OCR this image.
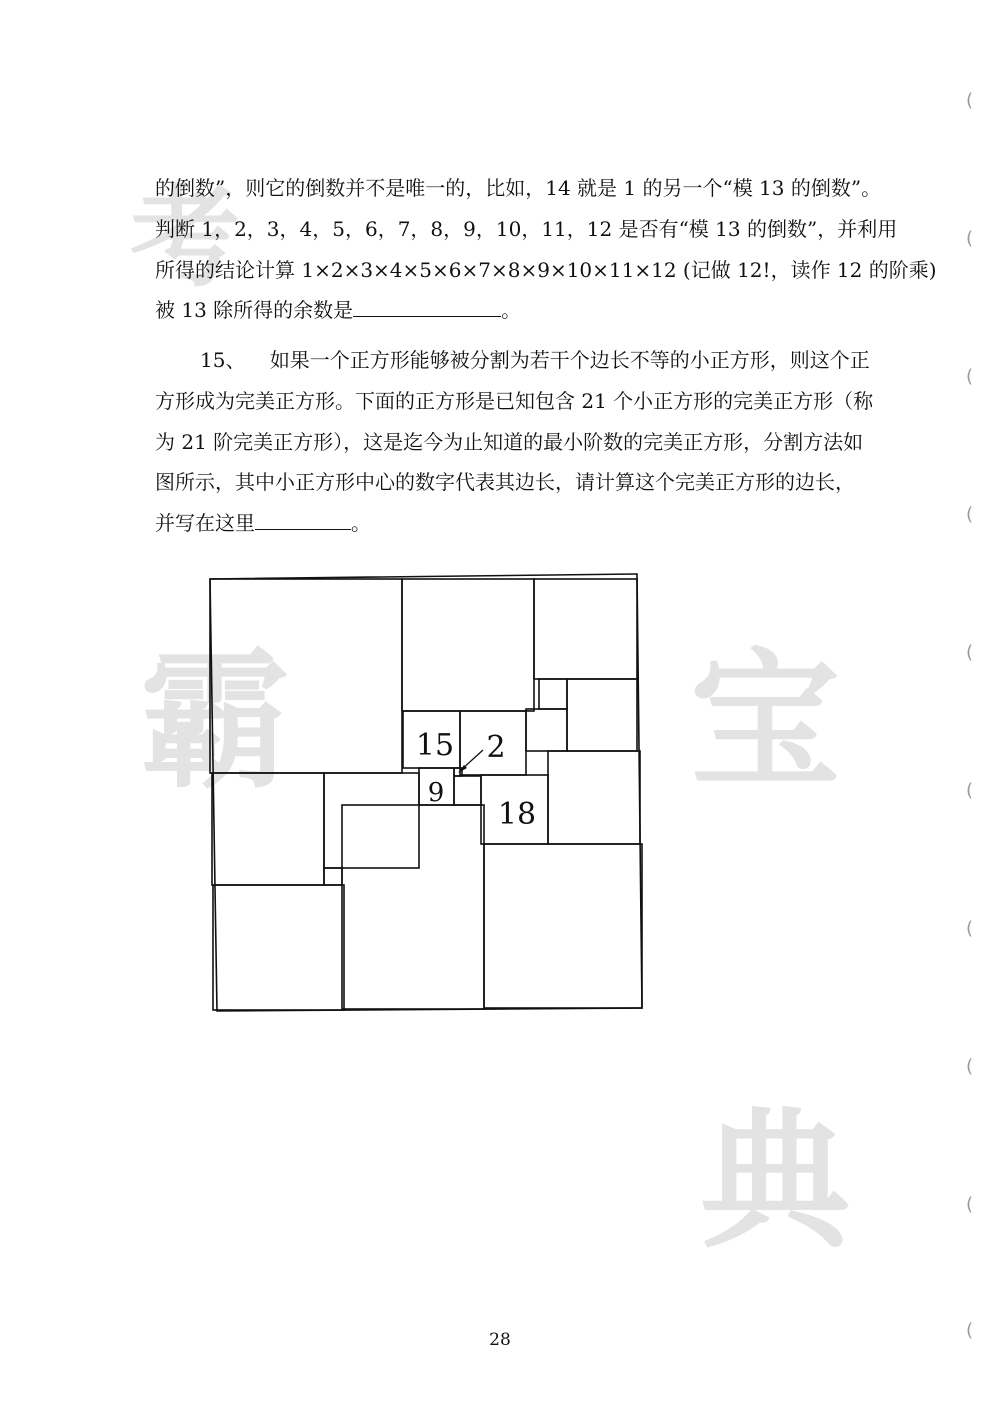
考
霸	宝
典
(
(
(
(
(
(
(
(
(
(
的倒数”，则它的倒数并不是唯一的，比如，14 就是 1 的另一个“模 13 的倒数”。
判断 1，2，3，4，5，6，7，8，9，10，11，12 是否有“模 13 的倒数”，并利用
所得的结论计算 1×2×3×4×5×6×7×8×9×10×11×12 (记做 12!，读作 12 的阶乘)
被 13 除所得的余数是	。
15、 如果一个正方形能够被分割为若干个边长不等的小正方形，则这个正
方形成为完美正方形。下面的正方形是已知包含 21 个小正方形的完美正方形（称
为 21 阶完美正方形），这是迄今为止知道的最小阶数的完美正方形，分割方法如
图所示，其中小正方形中心的数字代表其边长，请计算这个完美正方形的边长，
并写在这里	。
15 2
9
18
28
